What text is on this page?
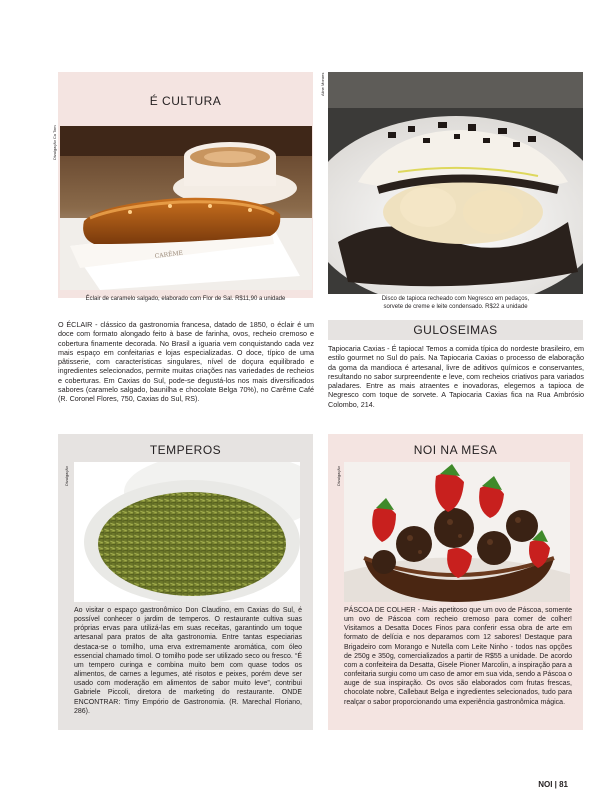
É CULTURA
Divulgação Ca Tom
CARÊME
Éclair de caramelo salgado, elaborado com Flor de Sal. R$11,90 a unidade
O ÉCLAIR - clássico da gastronomia francesa, datado de 1850, o éclair é um doce com formato alongado feito à base de farinha, ovos, recheio cremoso e cobertura finamente decorada. No Brasil a iguaria vem conquistando cada vez mais espaço em confeitarias e lojas especializadas. O doce, típico de uma pâtisserie, com características singulares, nível de doçura equilibrado e ingredientes selecionados, permite muitas criações nas variedades de recheios e coberturas. Em Caxias do Sul, pode-se degustá-los nos mais diversificados sabores (caramelo salgado, baunilha e chocolate Belga 70%), no Carême Café (R. Coronel Flores, 750, Caxias do Sul, RS).
Aline Moraes
Disco de tapioca recheado com Negresco em pedaços,
sorvete de creme e leite condensado. R$22 a unidade
GULOSEIMAS
Tapiocaria Caxias - É tapioca! Temos a comida típica do nordeste brasileiro, em estilo gourmet no Sul do país. Na Tapiocaria Caxias o processo de elaboração da goma da mandioca é artesanal, livre de aditivos químicos e conservantes, resultando no sabor surpreendente e leve, com recheios criativos para variados paladares. Entre as mais atraentes e inovadoras, elegemos a tapioca de Negresco com toque de sorvete. A Tapiocaria Caxias fica na Rua Ambrósio Colombo, 214.
TEMPEROS
Divulgação
Ao visitar o espaço gastronômico Don Claudino, em Caxias do Sul, é possível conhecer o jardim de temperos. O restaurante cultiva suas próprias ervas para utilizá-las em suas receitas, garantindo um toque artesanal para pratos de alta gastronomia. Entre tantas especiarias destaca-se o tomilho, uma erva extremamente aromática, com óleo essencial chamado timol. O tomilho pode ser utilizado seco ou fresco. “É um tempero curinga e combina muito bem com quase todos os alimentos, de carnes a legumes, até risotos e peixes, porém deve ser usado com moderação em alimentos de sabor muito leve”, contribui Gabriele Piccoli, diretora de marketing do restaurante. ONDE ENCONTRAR: Timy Empório de Gastronomia. (R. Marechal Floriano, 286).
NOI NA MESA
Divulgação
PÁSCOA DE COLHER - Mais apetitoso que um ovo de Páscoa, somente um ovo de Páscoa com recheio cremoso para comer de colher! Visitamos a Desatta Doces Finos para conferir essa obra de arte em formato de delícia e nos deparamos com 12 sabores! Destaque para Brigadeiro com Morango e Nutella com Leite Ninho - todos nas opções de 250g e 350g, comercializados a partir de R$55 a unidade. De acordo com a confeiteira da Desatta, Gisele Pioner Marcolin, a inspiração para a confeitaria surgiu como um caso de amor em sua vida, sendo a Páscoa o auge de sua inspiração. Os ovos são elaborados com frutas frescas, chocolate nobre, Callebaut Belga e ingredientes selecionados, tudo para realçar o sabor proporcionando uma experiência gastronômica mágica.
NOI | 81
